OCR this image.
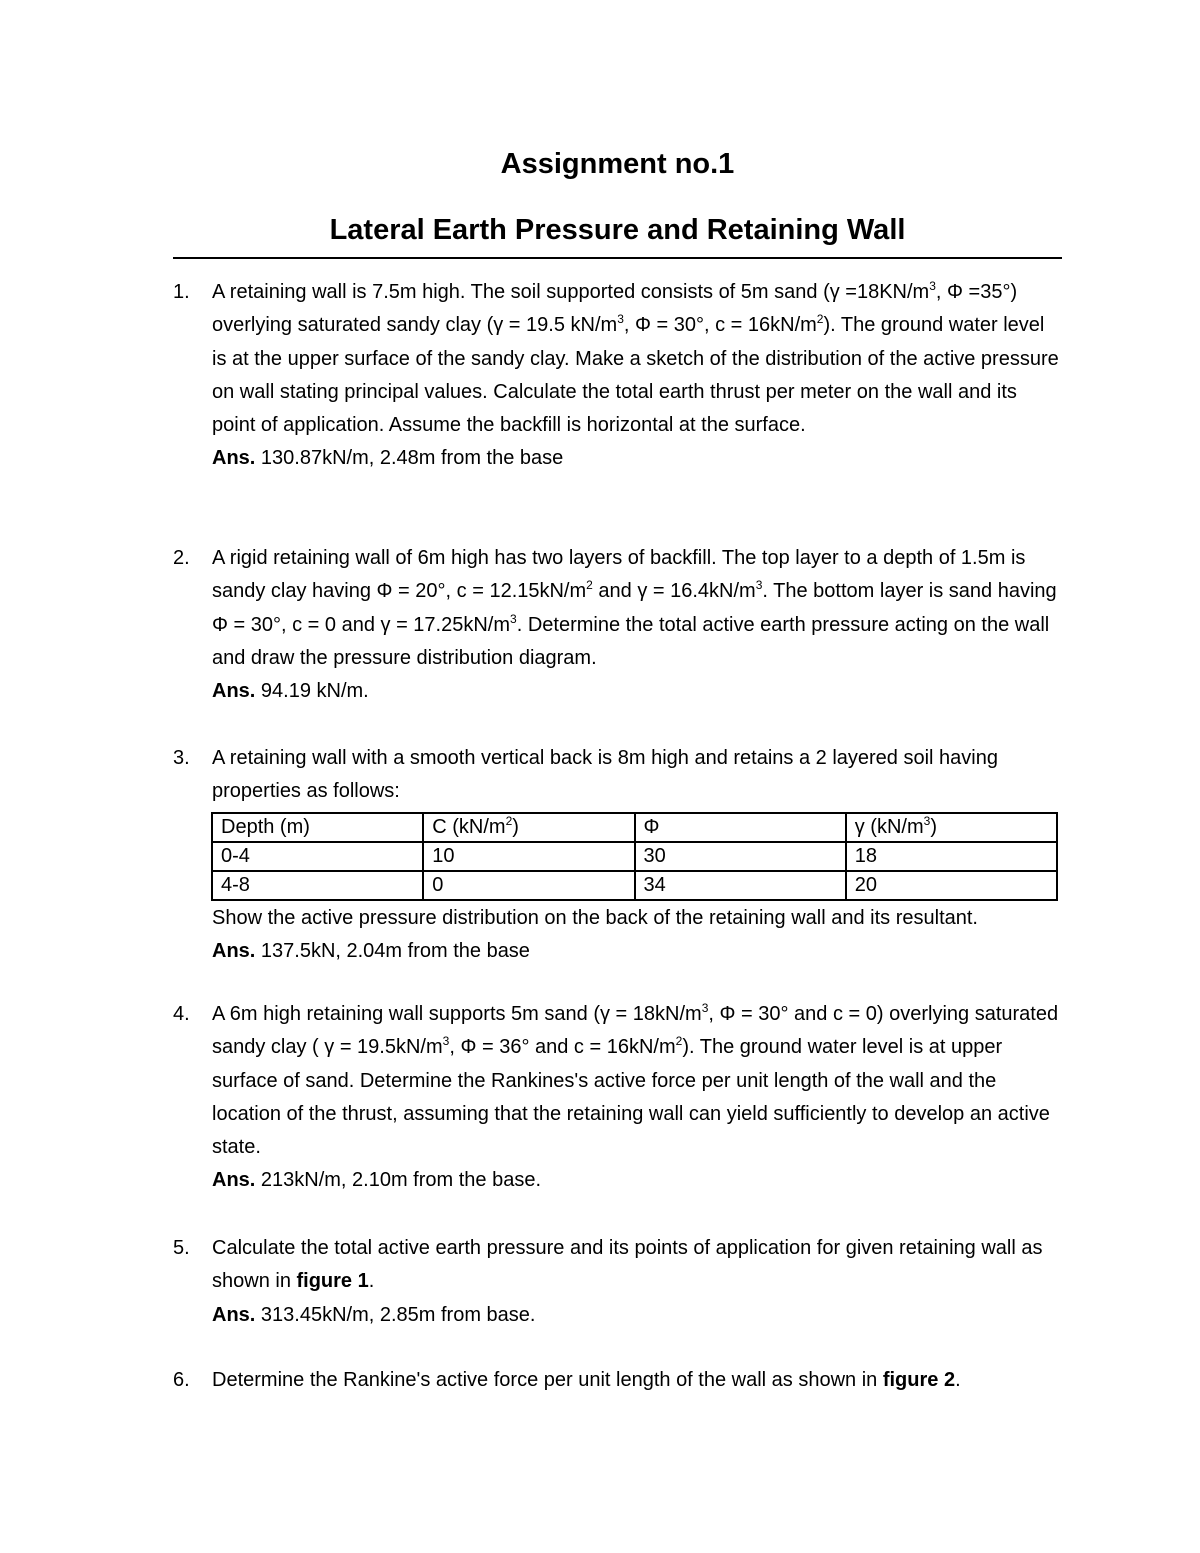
Assignment no.1
Lateral Earth Pressure and Retaining Wall
1.	A retaining wall is 7.5m high. The soil supported consists of 5m sand ($\gamma =18KN/m^3$, Φ =35°) overlying saturated sandy clay (γ = 19.5 $kN/m^3$, Φ = 30°, $c = 16kN/m^2$). The ground water level is at the upper surface of the sandy clay. Make a sketch of the distribution of the active pressure on wall stating principal values. Calculate the total earth thrust per meter on the wall and its point of application. Assume the backfill is horizontal at the surface.
Ans. 130.87kN/m, 2.48m from the base
2.	A rigid retaining wall of 6m high has two layers of backfill. The top layer to a depth of 1.5m is sandy clay having Φ = 20°, $c = 12.15kN/m^2$ and $\gamma = 16.4kN/m^3$. The bottom layer is sand having Φ = 30°, c = 0 and $\gamma = 17.25kN/m^3$. Determine the total active earth pressure acting on the wall and draw the pressure distribution diagram.
Ans. 94.19 kN/m.
3.	A retaining wall with a smooth vertical back is 8m high and retains a 2 layered soil having properties as follows:
Depth (m)	C $(kN/m^2)$	Φ	γ $(kN/m^3)$
0-4	10	30	18
4-8	0	34	20
Show the active pressure distribution on the back of the retaining wall and its resultant.
Ans. 137.5kN, 2.04m from the base
4.	A 6m high retaining wall supports 5m sand ($\gamma = 18kN/m^3$, Φ = 30° and c = 0) overlying saturated sandy clay ( $\gamma = 19.5kN/m^3$, Φ = 36° and $c = 16kN/m^2$). The ground water level is at upper surface of sand. Determine the Rankines's active force per unit length of the wall and the location of the thrust, assuming that the retaining wall can yield sufficiently to develop an active state.
Ans. 213kN/m, 2.10m from the base.
5.	Calculate the total active earth pressure and its points of application for given retaining wall as shown in figure 1.
Ans. 313.45kN/m, 2.85m from base.
6.	Determine the Rankine's active force per unit length of the wall as shown in figure 2.
